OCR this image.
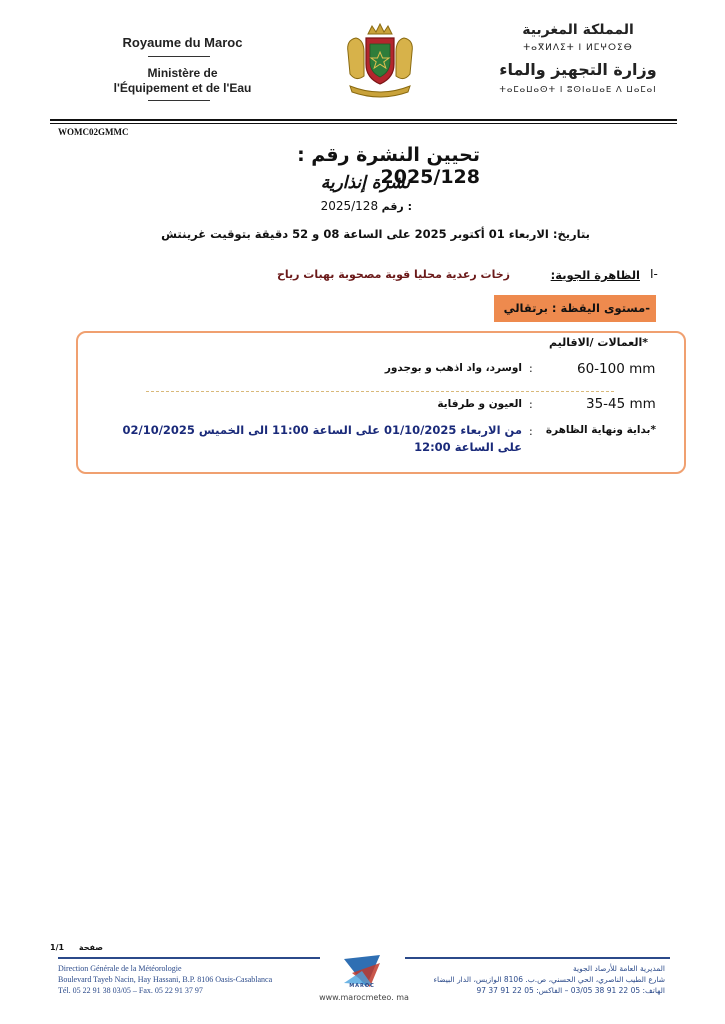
Royaume du Maroc
Ministère de
l'Équipement et de l'Eau
المملكة المغربية
ⵜⴰⴳⵍⴷⵉⵜ ⵏ ⵍⵎⵖⵔⵉⴱ
وزارة التجهيز والماء
ⵜⴰⵎⴰⵡⴰⵙⵜ ⵏ ⵓⵙⵏⴰⵡⴰⴹ ⴷ ⵡⴰⵎⴰⵏ
WOMC02GMMC
تحيين النشرة رقم : 2025/128
نشرة إنذارية
2025/128 رقم :
بتاريخ: الاربعاء 01 أكتوبر 2025 على الساعة 08 و 52 دقيقة بتوقيت غرينتش
I-
الظاهرة الجوية:
زخات رعدية محليا قوية مصحوبة بهبات رياح
-مستوى اليقظة : برتقالي
*العمالات /الاقاليم
60-100 mm
:
اوسرد، واد اذهب و بوجدور
35-45 mm
:
العيون و طرفاية
*بداية ونهاية الظاهرة
:
من الاربعاء 01/10/2025 على الساعة 11:00 الى الخميس 02/10/2025 على الساعة 12:00
1/1 صفحة
Direction Générale de la Météorologie
Boulevard Tayeb Nacin, Hay Hassani, B.P. 8106 Oasis-Casablanca
Tél. 05 22 91 38 03/05 – Fax. 05 22 91 37 97	MAROC
www.marocmeteo. ma
المديرية العامة للأرصاد الجوية
شارع الطيب الناصري، الحي الحسني، ص.ب. 8106 الوازيس، الدار البيضاء
الهاتف: 05 22 91 38 03/05 – الفاكس: 05 22 91 37 97
